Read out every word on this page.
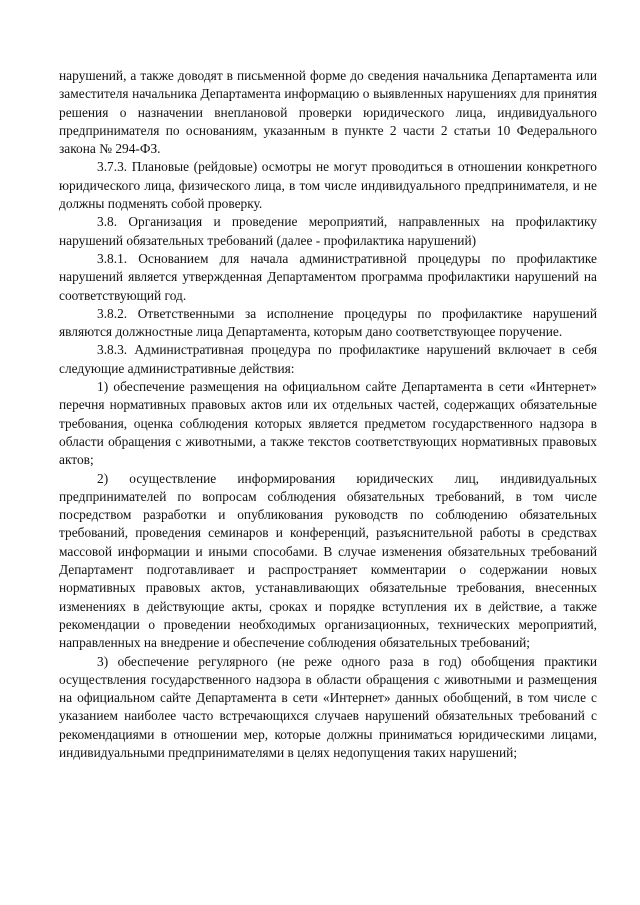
нарушений, а также доводят в письменной форме до сведения начальника Департамента или заместителя начальника Департамента информацию о выявленных нарушениях для принятия решения о назначении внеплановой проверки юридического лица, индивидуального предпринимателя по основаниям, указанным в пункте 2 части 2 статьи 10 Федерального закона № 294-ФЗ.

3.7.3. Плановые (рейдовые) осмотры не могут проводиться в отношении конкретного юридического лица, физического лица, в том числе индивидуального предпринимателя, и не должны подменять собой проверку.

3.8. Организация и проведение мероприятий, направленных на профилактику нарушений обязательных требований (далее - профилактика нарушений)

3.8.1. Основанием для начала административной процедуры по профилактике нарушений является утвержденная Департаментом программа профилактики нарушений на соответствующий год.

3.8.2. Ответственными за исполнение процедуры по профилактике нарушений являются должностные лица Департамента, которым дано соответствующее поручение.

3.8.3. Административная процедура по профилактике нарушений включает в себя следующие административные действия:

1) обеспечение размещения на официальном сайте Департамента в сети «Интернет» перечня нормативных правовых актов или их отдельных частей, содержащих обязательные требования, оценка соблюдения которых является предметом государственного надзора в области обращения с животными, а также текстов соответствующих нормативных правовых актов;

2) осуществление информирования юридических лиц, индивидуальных предпринимателей по вопросам соблюдения обязательных требований, в том числе посредством разработки и опубликования руководств по соблюдению обязательных требований, проведения семинаров и конференций, разъяснительной работы в средствах массовой информации и иными способами. В случае изменения обязательных требований Департамент подготавливает и распространяет комментарии о содержании новых нормативных правовых актов, устанавливающих обязательные требования, внесенных изменениях в действующие акты, сроках и порядке вступления их в действие, а также рекомендации о проведении необходимых организационных, технических мероприятий, направленных на внедрение и обеспечение соблюдения обязательных требований;

3) обеспечение регулярного (не реже одного раза в год) обобщения практики осуществления государственного надзора в области обращения с животными и размещения на официальном сайте Департамента в сети «Интернет» данных обобщений, в том числе с указанием наиболее часто встречающихся случаев нарушений обязательных требований с рекомендациями в отношении мер, которые должны приниматься юридическими лицами, индивидуальными предпринимателями в целях недопущения таких нарушений;
